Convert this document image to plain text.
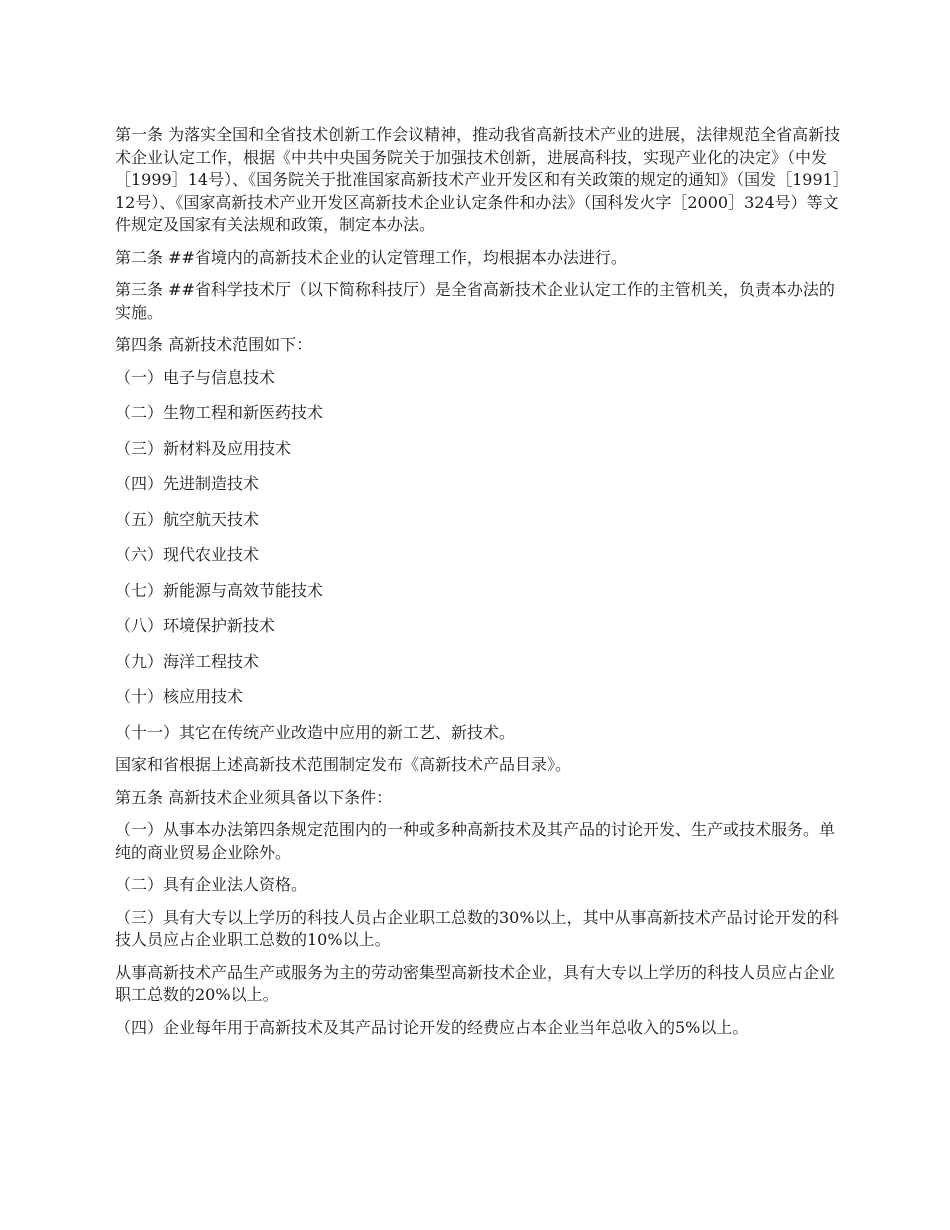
第一条 为落实全国和全省技术创新工作会议精神，推动我省高新技术产业的进展，法律规范全省高新技术企业认定工作，根据《中共中央国务院关于加强技术创新，进展高科技，实现产业化的决定》（中发［1999］14号）、《国务院关于批准国家高新技术产业开发区和有关政策的规定的通知》（国发［1991］12号）、《国家高新技术产业开发区高新技术企业认定条件和办法》（国科发火字［2000］324号）等文件规定及国家有关法规和政策，制定本办法。

第二条 ##省境内的高新技术企业的认定管理工作，均根据本办法进行。

第三条 ##省科学技术厅（以下简称科技厅）是全省高新技术企业认定工作的主管机关，负责本办法的实施。

第四条 高新技术范围如下：

（一）电子与信息技术

（二）生物工程和新医药技术

（三）新材料及应用技术

（四）先进制造技术

（五）航空航天技术

（六）现代农业技术

（七）新能源与高效节能技术

（八）环境保护新技术

（九）海洋工程技术

（十）核应用技术

（十一）其它在传统产业改造中应用的新工艺、新技术。

国家和省根据上述高新技术范围制定发布《高新技术产品目录》。

第五条 高新技术企业须具备以下条件：

（一）从事本办法第四条规定范围内的一种或多种高新技术及其产品的讨论开发、生产或技术服务。单纯的商业贸易企业除外。

（二）具有企业法人资格。

（三）具有大专以上学历的科技人员占企业职工总数的30%以上，其中从事高新技术产品讨论开发的科技人员应占企业职工总数的10%以上。

从事高新技术产品生产或服务为主的劳动密集型高新技术企业，具有大专以上学历的科技人员应占企业职工总数的20%以上。

（四）企业每年用于高新技术及其产品讨论开发的经费应占本企业当年总收入的5%以上。
